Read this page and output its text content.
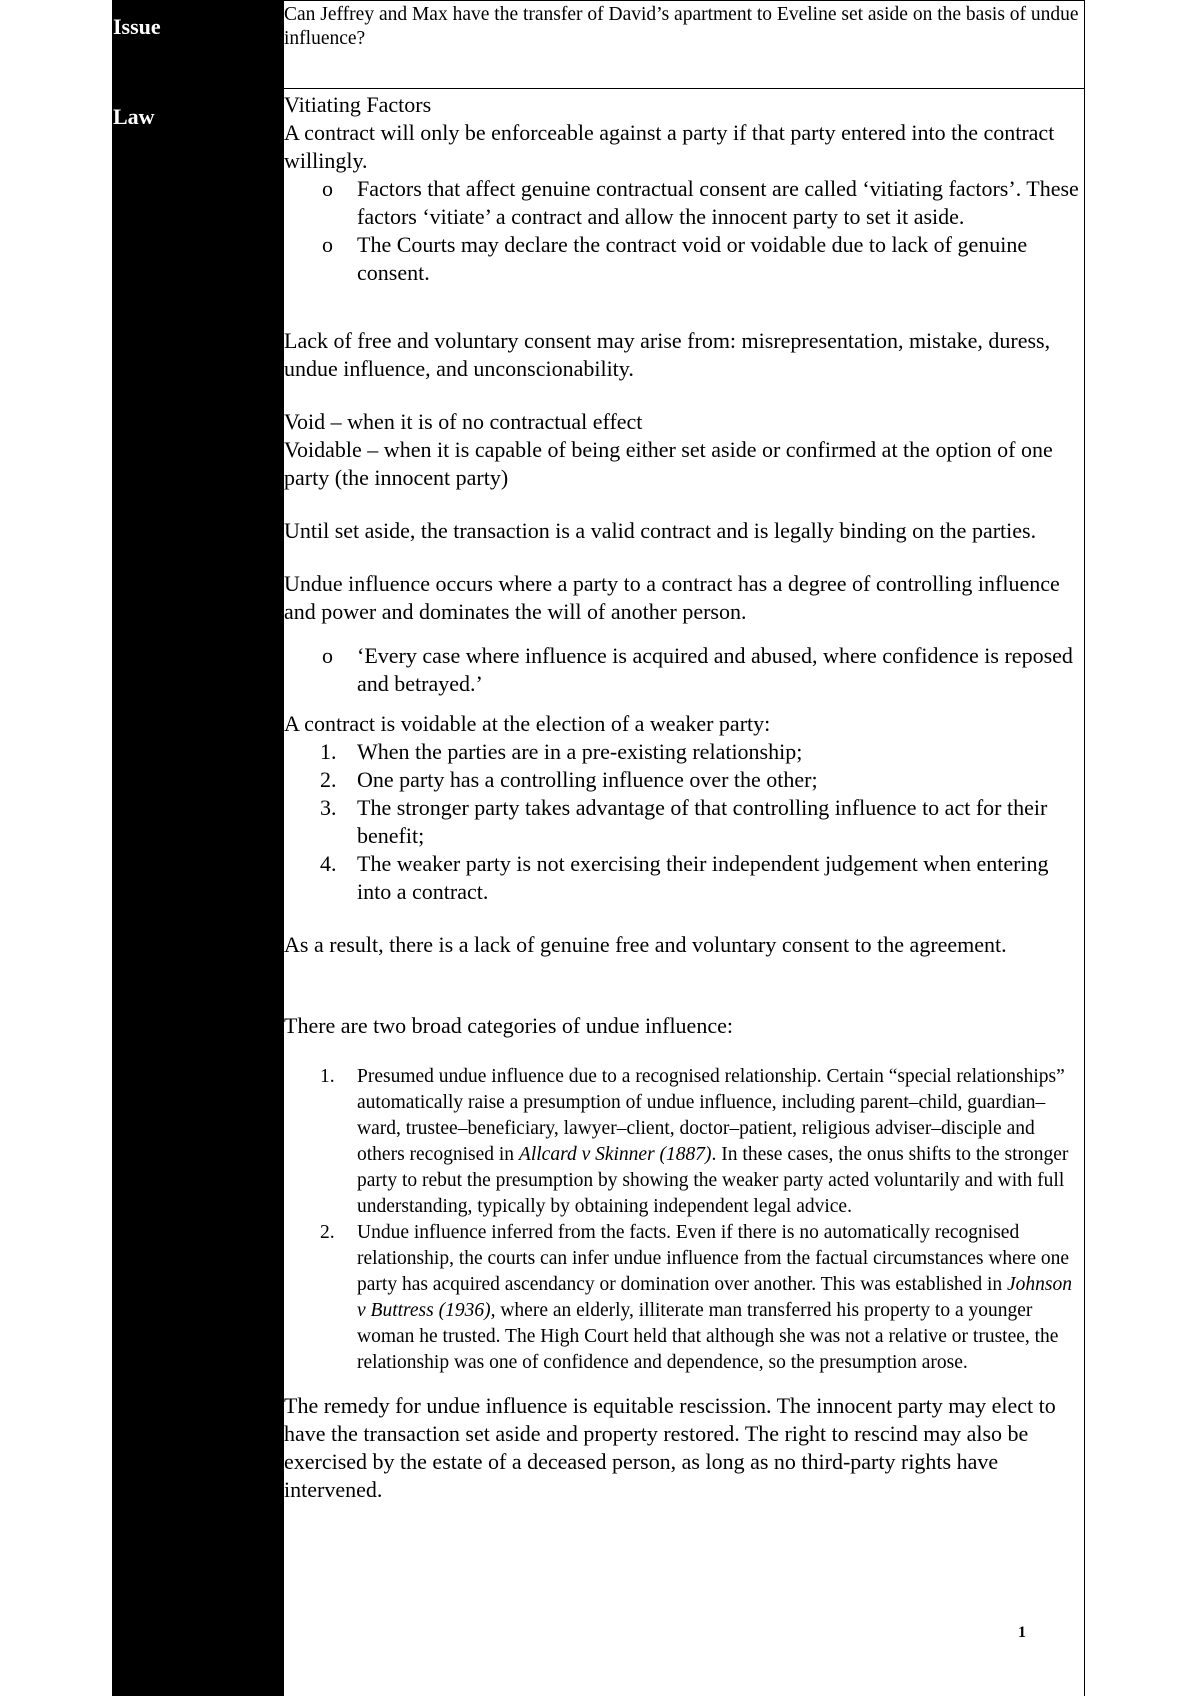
Issue
Law
Can Jeffrey and Max have the transfer of David’s apartment to Eveline set aside on the basis of undue influence?

Vitiating Factors

A contract will only be enforceable against a party if that party entered into the contract willingly.

o Factors that affect genuine contractual consent are called ‘vitiating factors’. These factors ‘vitiate’ a contract and allow the innocent party to set it aside.
o The Courts may declare the contract void or voidable due to lack of genuine consent.

Lack of free and voluntary consent may arise from: misrepresentation, mistake, duress, undue influence, and unconscionability.

Void – when it is of no contractual effect

Voidable – when it is capable of being either set aside or confirmed at the option of one party (the innocent party)

Until set aside, the transaction is a valid contract and is legally binding on the parties.

Undue influence occurs where a party to a contract has a degree of controlling influence and power and dominates the will of another person.

o ‘Every case where influence is acquired and abused, where confidence is reposed and betrayed.’

A contract is voidable at the election of a weaker party:

1. When the parties are in a pre-existing relationship;
2. One party has a controlling influence over the other;
3. The stronger party takes advantage of that controlling influence to act for their benefit;
4. The weaker party is not exercising their independent judgement when entering into a contract.

As a result, there is a lack of genuine free and voluntary consent to the agreement.

There are two broad categories of undue influence:

1. Presumed undue influence due to a recognised relationship. Certain “special relationships” automatically raise a presumption of undue influence, including parent–child, guardian–ward, trustee–beneficiary, lawyer–client, doctor–patient, religious adviser–disciple and others recognised in Allcard v Skinner (1887). In these cases, the onus shifts to the stronger party to rebut the presumption by showing the weaker party acted voluntarily and with full understanding, typically by obtaining independent legal advice.
2. Undue influence inferred from the facts. Even if there is no automatically recognised relationship, the courts can infer undue influence from the factual circumstances where one party has acquired ascendancy or domination over another. This was established in Johnson v Buttress (1936), where an elderly, illiterate man transferred his property to a younger woman he trusted. The High Court held that although she was not a relative or trustee, the relationship was one of confidence and dependence, so the presumption arose.

The remedy for undue influence is equitable rescission. The innocent party may elect to have the transaction set aside and property restored. The right to rescind may also be exercised by the estate of a deceased person, as long as no third-party rights have intervened.

1
